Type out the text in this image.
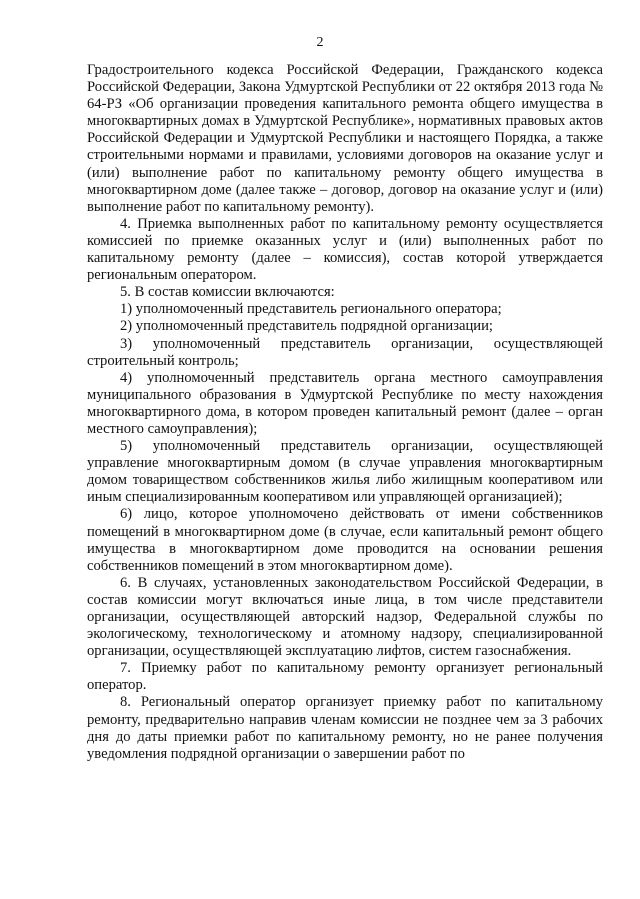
2

Градостроительного кодекса Российской Федерации, Гражданского кодекса Российской Федерации, Закона Удмуртской Республики от 22 октября 2013 года № 64-РЗ «Об организации проведения капитального ремонта общего имущества в многоквартирных домах в Удмуртской Республике», нормативных правовых актов Российской Федерации и Удмуртской Республики и настоящего Порядка, а также строительными нормами и правилами, условиями договоров на оказание услуг и (или) выполнение работ по капитальному ремонту общего имущества в многоквартирном доме (далее также – договор, договор на оказание услуг и (или) выполнение работ по капитальному ремонту).

4. Приемка выполненных работ по капитальному ремонту осуществляется комиссией по приемке оказанных услуг и (или) выполненных работ по капитальному ремонту (далее – комиссия), состав которой утверждается региональным оператором.

5. В состав комиссии включаются:

1) уполномоченный представитель регионального оператора;

2) уполномоченный представитель подрядной организации;

3) уполномоченный представитель организации, осуществляющей строительный контроль;

4) уполномоченный представитель органа местного самоуправления муниципального образования в Удмуртской Республике по месту нахождения многоквартирного дома, в котором проведен капитальный ремонт (далее – орган местного самоуправления);

5) уполномоченный представитель организации, осуществляющей управление многоквартирным домом (в случае управления многоквартирным домом товариществом собственников жилья либо жилищным кооперативом или иным специализированным кооперативом или управляющей организацией);

6) лицо, которое уполномочено действовать от имени собственников помещений в многоквартирном доме (в случае, если капитальный ремонт общего имущества в многоквартирном доме проводится на основании решения собственников помещений в этом многоквартирном доме).

6. В случаях, установленных законодательством Российской Федерации, в состав комиссии могут включаться иные лица, в том числе представители организации, осуществляющей авторский надзор, Федеральной службы по экологическому, технологическому и атомному надзору, специализированной организации, осуществляющей эксплуатацию лифтов, систем газоснабжения.

7. Приемку работ по капитальному ремонту организует региональный оператор.

8. Региональный оператор организует приемку работ по капитальному ремонту, предварительно направив членам комиссии не позднее чем за 3 рабочих дня до даты приемки работ по капитальному ремонту, но не ранее получения уведомления подрядной организации о завершении работ по
